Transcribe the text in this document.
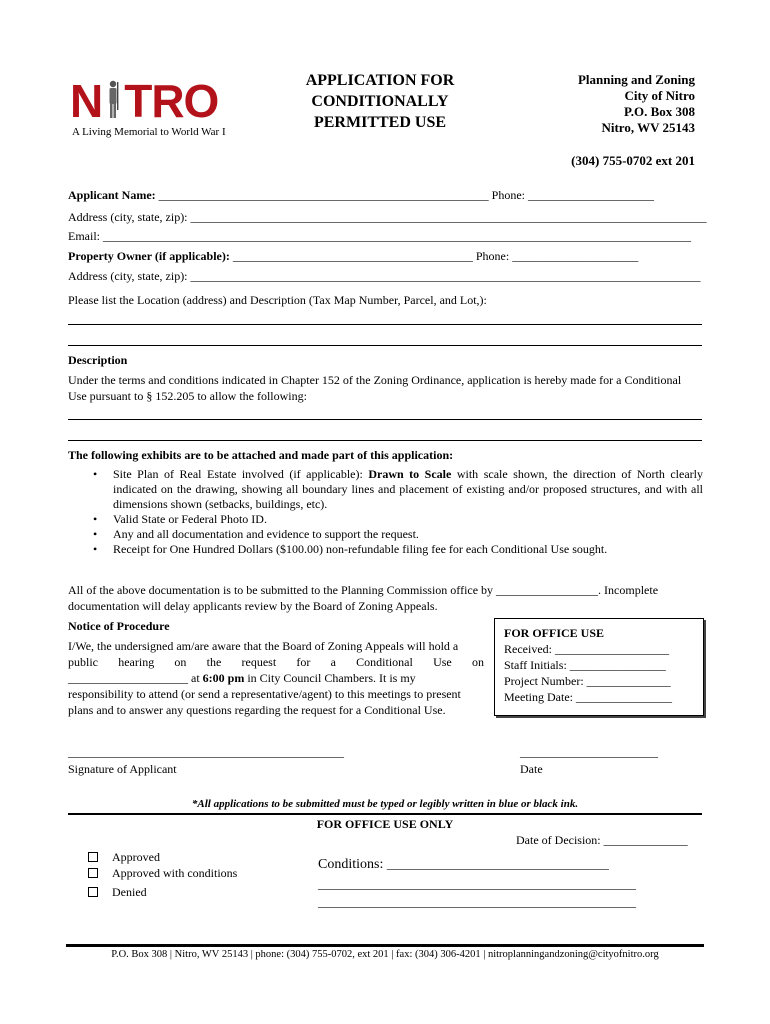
N TRO
A Living Memorial to World War I
APPLICATION FOR
CONDITIONALLY
PERMITTED USE
Planning and Zoning
City of Nitro
P.O. Box 308
Nitro, WV 25143
(304) 755-0702 ext 201
Applicant Name: _______________________________________________________ Phone: _____________________
Address (city, state, zip): ______________________________________________________________________________________
Email: __________________________________________________________________________________________________
Property Owner (if applicable): ________________________________________ Phone: _____________________
Address (city, state, zip): _____________________________________________________________________________________
Please list the Location (address) and Description (Tax Map Number, Parcel, and Lot,):
Description
Under the terms and conditions indicated in Chapter 152 of the Zoning Ordinance, application is hereby made for a Conditional
Use pursuant to § 152.205 to allow the following:
The following exhibits are to be attached and made part of this application:
• Site Plan of Real Estate involved (if applicable): Drawn to Scale with scale shown, the direction of North clearly indicated on the drawing, showing all boundary lines and placement of existing and/or proposed structures, and with all dimensions shown (setbacks, buildings, etc).
• Valid State or Federal Photo ID.
• Any and all documentation and evidence to support the request.
• Receipt for One Hundred Dollars ($100.00) non-refundable filing fee for each Conditional Use sought.
All of the above documentation is to be submitted to the Planning Commission office by _________________. Incomplete
documentation will delay applicants review by the Board of Zoning Appeals.
Notice of Procedure
I/We, the undersigned am/are aware that the Board of Zoning Appeals will hold a
public hearing on the request for a Conditional Use on
____________________ at 6:00 pm in City Council Chambers. It is my
responsibility to attend (or send a representative/agent) to this meetings to present
plans and to answer any questions regarding the request for a Conditional Use.
FOR OFFICE USE
Received: ___________________
Staff Initials: ________________
Project Number: ______________
Meeting Date: ________________
______________________________________________
Signature of Applicant
_______________________
Date
*All applications to be submitted must be typed or legibly written in blue or black ink.
FOR OFFICE USE ONLY
Date of Decision: ______________
Approved
Approved with conditions
Denied
Conditions: _____________________________________
_____________________________________________________
_____________________________________________________
P.O. Box 308 | Nitro, WV 25143 | phone: (304) 755-0702, ext 201 | fax: (304) 306-4201 | nitroplanningandzoning@cityofnitro.org
